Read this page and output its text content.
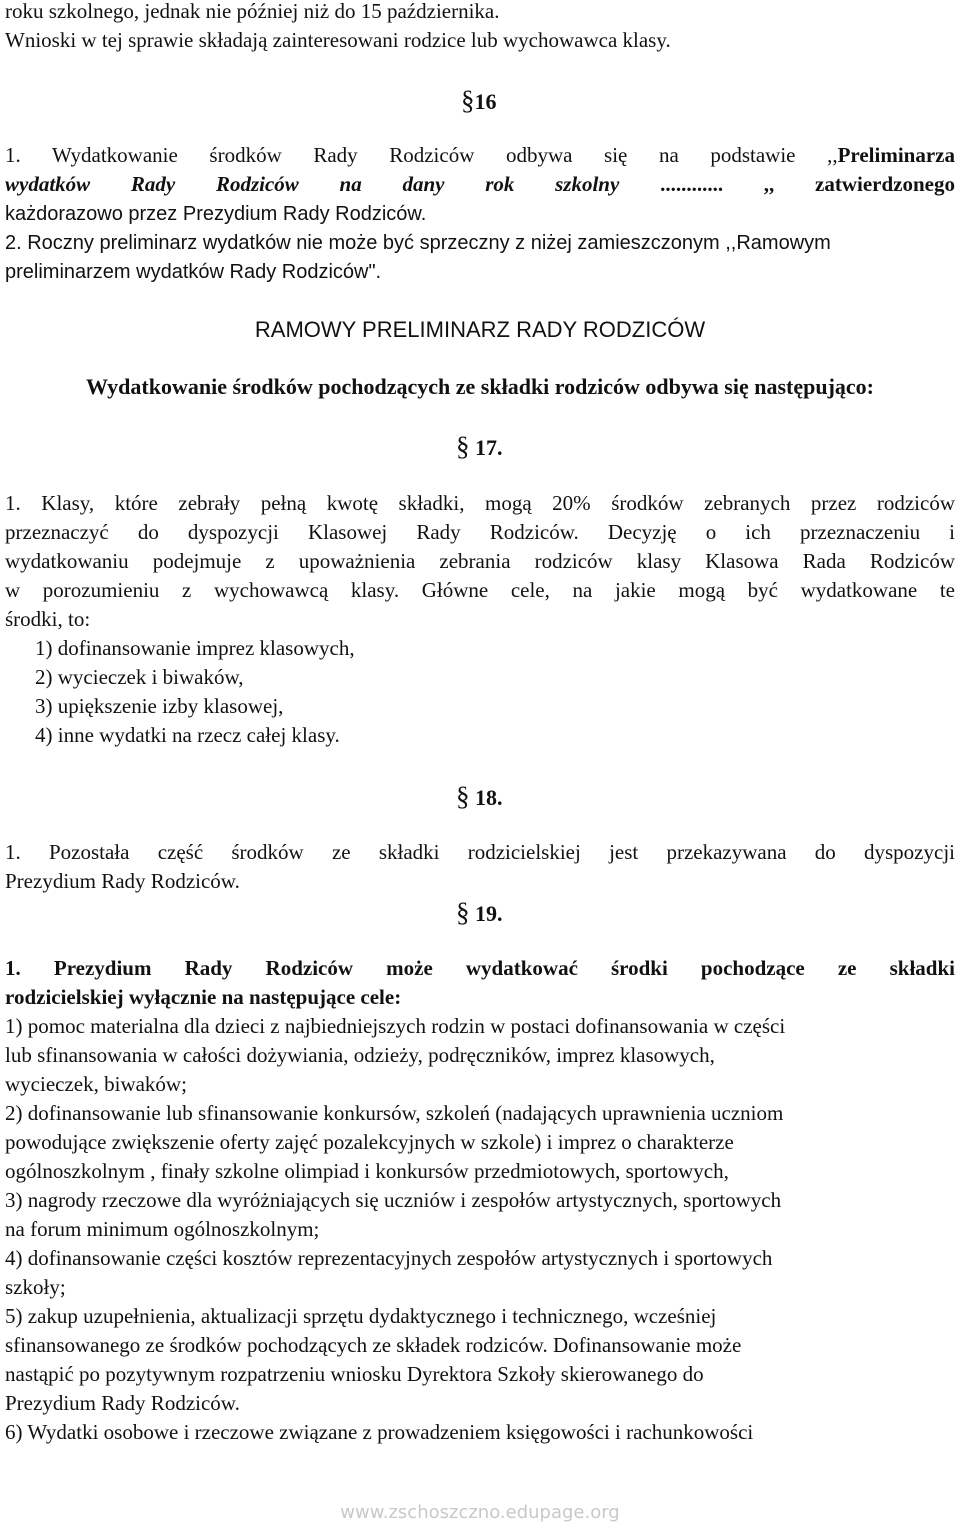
roku szkolnego, jednak nie później niż do 15 października.
Wnioski w tej sprawie składają zainteresowani rodzice lub wychowawca klasy.
§16
1. Wydatkowanie środków Rady Rodziców odbywa się na podstawie ,,Preliminarza
wydatków Rady Rodziców na dany rok szkolny ............ ,, zatwierdzonego
każdorazowo przez Prezydium Rady Rodziców.
2. Roczny preliminarz wydatków nie może być sprzeczny z niżej zamieszczonym ,,Ramowym
preliminarzem wydatków Rady Rodziców".
RAMOWY PRELIMINARZ RADY RODZICÓW
Wydatkowanie środków pochodzących ze składki rodziców odbywa się następująco:
§ 17.
1. Klasy, które zebrały pełną kwotę składki, mogą 20% środków zebranych przez rodziców
przeznaczyć do dyspozycji Klasowej Rady Rodziców. Decyzję o ich przeznaczeniu i
wydatkowaniu podejmuje z upoważnienia zebrania rodziców klasy Klasowa Rada Rodziców
w porozumieniu z wychowawcą klasy. Główne cele, na jakie mogą być wydatkowane te
środki, to:
1) dofinansowanie imprez klasowych,
2) wycieczek i biwaków,
3) upiększenie izby klasowej,
4) inne wydatki na rzecz całej klasy.
§ 18.
1. Pozostała część środków ze składki rodzicielskiej jest przekazywana do dyspozycji
Prezydium Rady Rodziców.
§ 19.
1. Prezydium Rady Rodziców może wydatkować środki pochodzące ze składki
rodzicielskiej wyłącznie na następujące cele:
1) pomoc materialna dla dzieci z najbiedniejszych rodzin w postaci dofinansowania w części
lub sfinansowania w całości dożywiania, odzieży, podręczników, imprez klasowych,
wycieczek, biwaków;
2) dofinansowanie lub sfinansowanie konkursów, szkoleń (nadających uprawnienia uczniom
powodujące zwiększenie oferty zajęć pozalekcyjnych w szkole) i imprez o charakterze
ogólnoszkolnym , finały szkolne olimpiad i konkursów przedmiotowych, sportowych,
3) nagrody rzeczowe dla wyróżniających się uczniów i zespołów artystycznych, sportowych
na forum minimum ogólnoszkolnym;
4) dofinansowanie części kosztów reprezentacyjnych zespołów artystycznych i sportowych
szkoły;
5) zakup uzupełnienia, aktualizacji sprzętu dydaktycznego i technicznego, wcześniej
sfinansowanego ze środków pochodzących ze składek rodziców. Dofinansowanie może
nastąpić po pozytywnym rozpatrzeniu wniosku Dyrektora Szkoły skierowanego do
Prezydium Rady Rodziców.
6) Wydatki osobowe i rzeczowe związane z prowadzeniem księgowości i rachunkowości
www.zschoszczno.edupage.org
